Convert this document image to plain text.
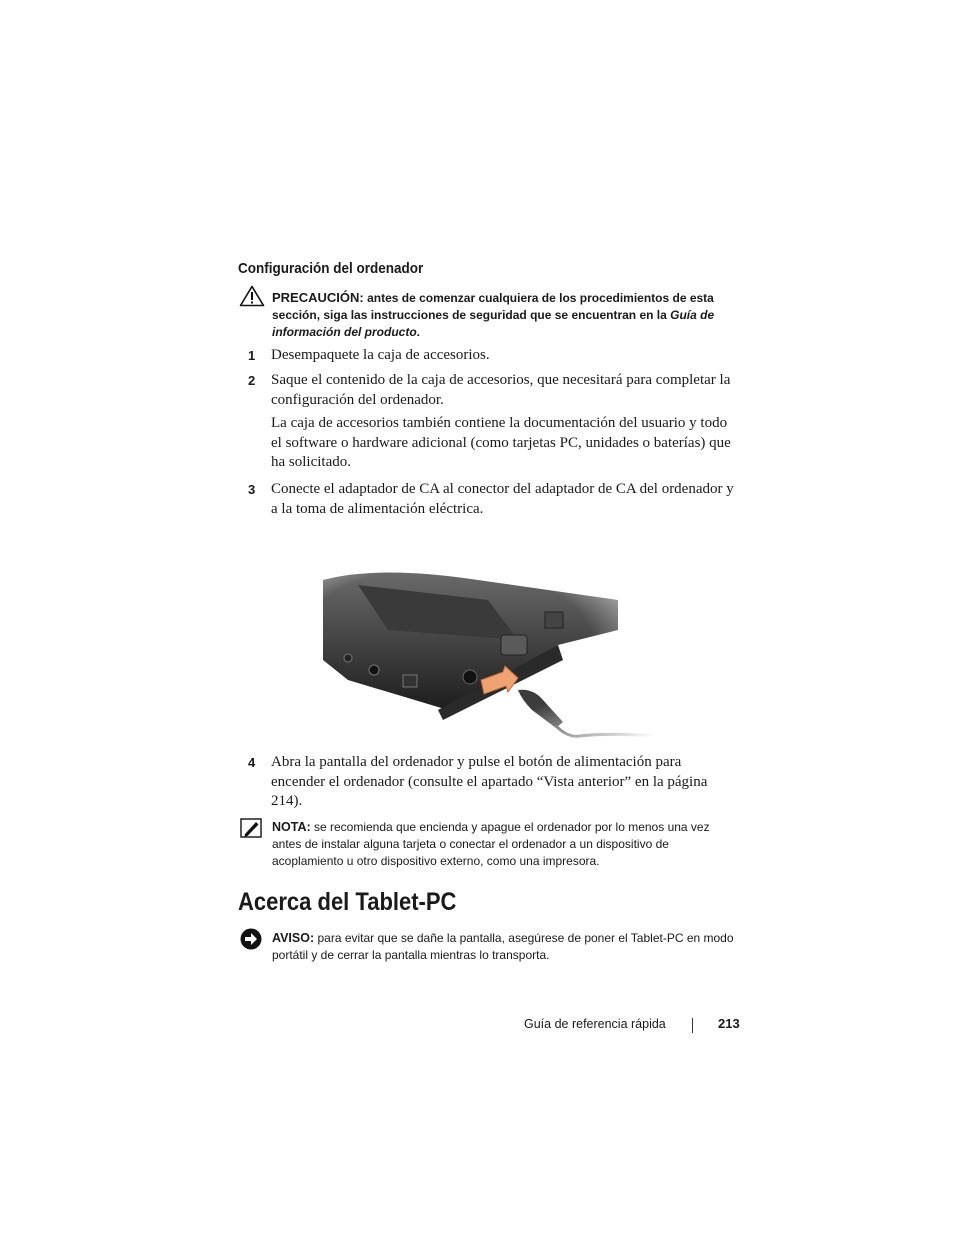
Configuración del ordenador
PRECAUCIÓN: antes de comenzar cualquiera de los procedimientos de esta sección, siga las instrucciones de seguridad que se encuentran en la Guía de información del producto.
1	Desempaquete la caja de accesorios.
2	Saque el contenido de la caja de accesorios, que necesitará para completar la configuración del ordenador.
La caja de accesorios también contiene la documentación del usuario y todo el software o hardware adicional (como tarjetas PC, unidades o baterías) que ha solicitado.
3	Conecte el adaptador de CA al conector del adaptador de CA del ordenador y a la toma de alimentación eléctrica.
4	Abra la pantalla del ordenador y pulse el botón de alimentación para encender el ordenador (consulte el apartado “Vista anterior” en la página 214).
NOTA: se recomienda que encienda y apague el ordenador por lo menos una vez antes de instalar alguna tarjeta o conectar el ordenador a un dispositivo de acoplamiento u otro dispositivo externo, como una impresora.
Acerca del Tablet-PC
AVISO: para evitar que se dañe la pantalla, asegúrese de poner el Tablet-PC en modo portátil y de cerrar la pantalla mientras lo transporta.
Guía de referencia rápida	213
